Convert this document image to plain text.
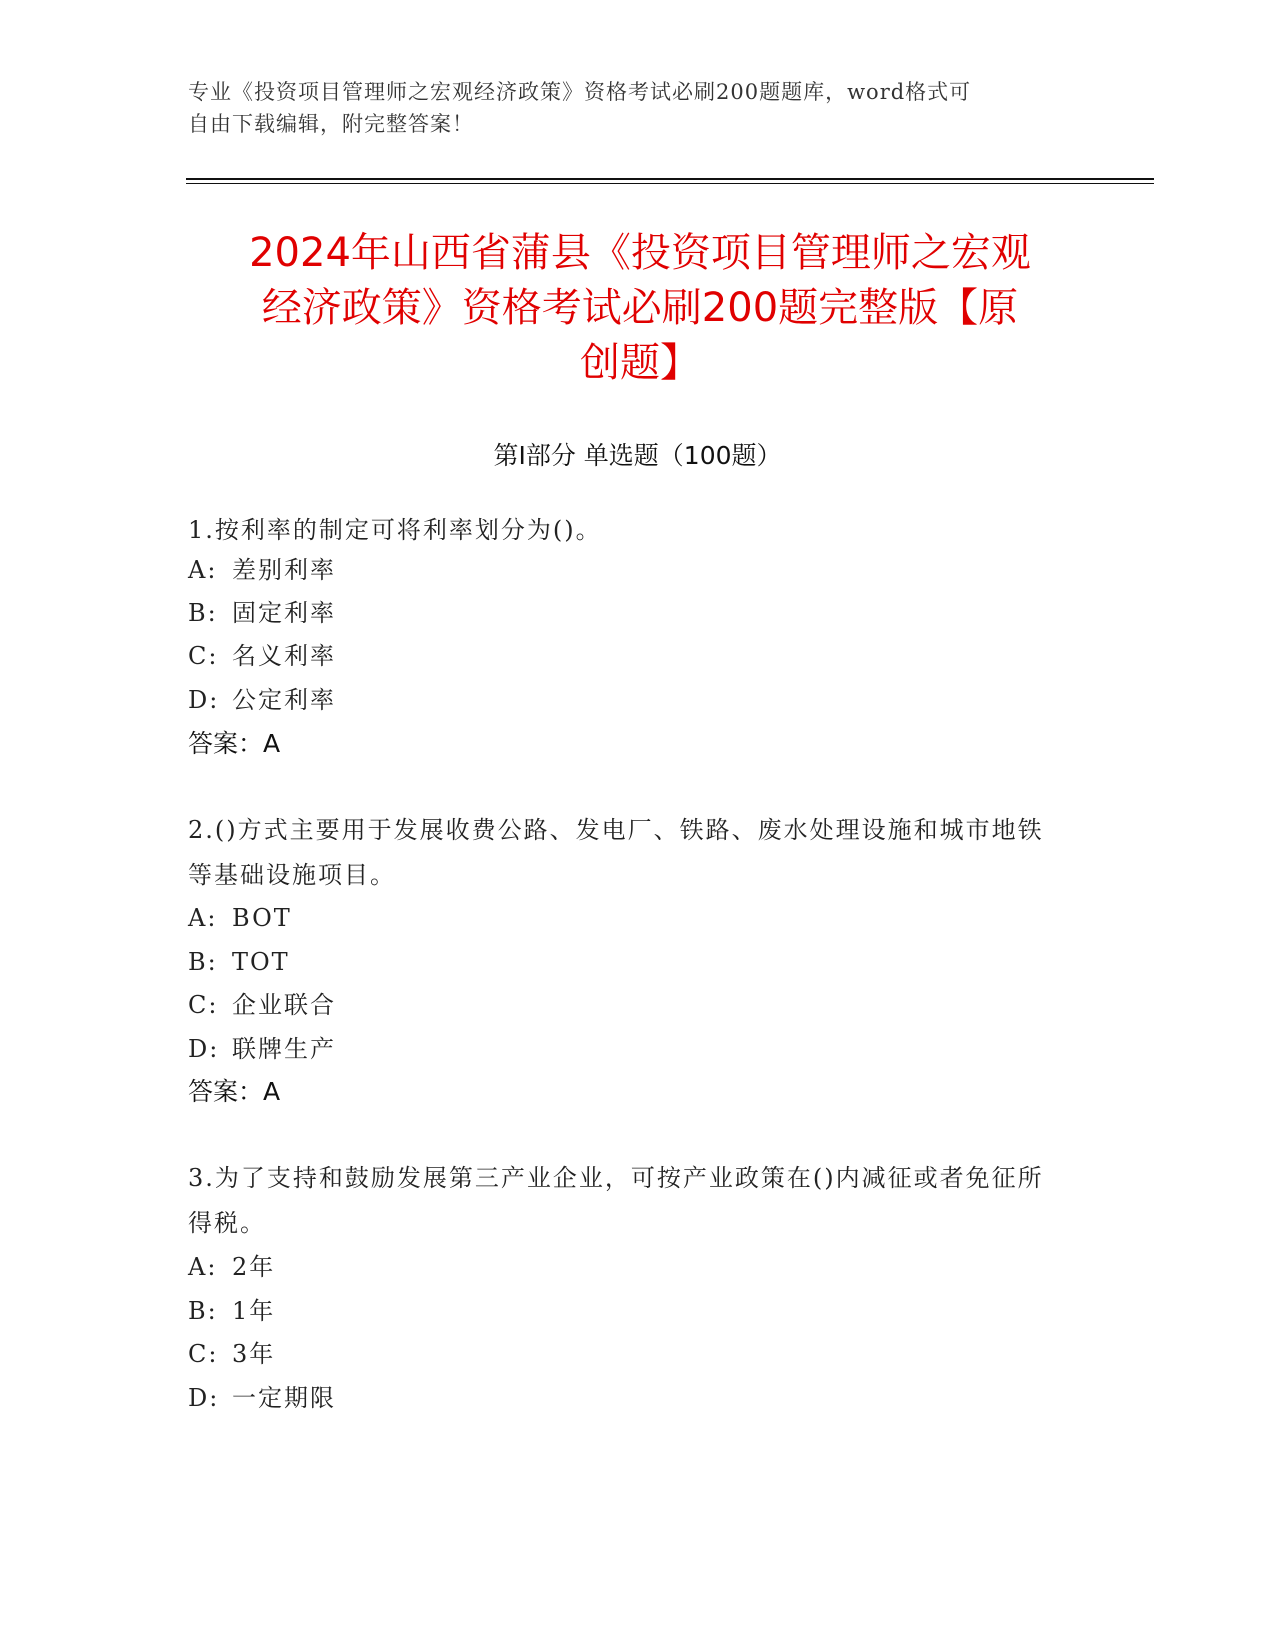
专业《投资项目管理师之宏观经济政策》资格考试必刷200题题库，word格式可
自由下载编辑，附完整答案！
2024年山西省蒲县《投资项目管理师之宏观
经济政策》资格考试必刷200题完整版【原
创题】
第Ⅰ部分 单选题（100题）
1.按利率的制定可将利率划分为()。
A: 差别利率
B: 固定利率
C: 名义利率
D: 公定利率
答案：A
2.()方式主要用于发展收费公路、发电厂、铁路、废水处理设施和城市地铁等基础设施项目。
A: BOT
B: TOT
C: 企业联合
D: 联牌生产
答案：A
3.为了支持和鼓励发展第三产业企业，可按产业政策在()内减征或者免征所得税。
A: 2年
B: 1年
C: 3年
D: 一定期限
